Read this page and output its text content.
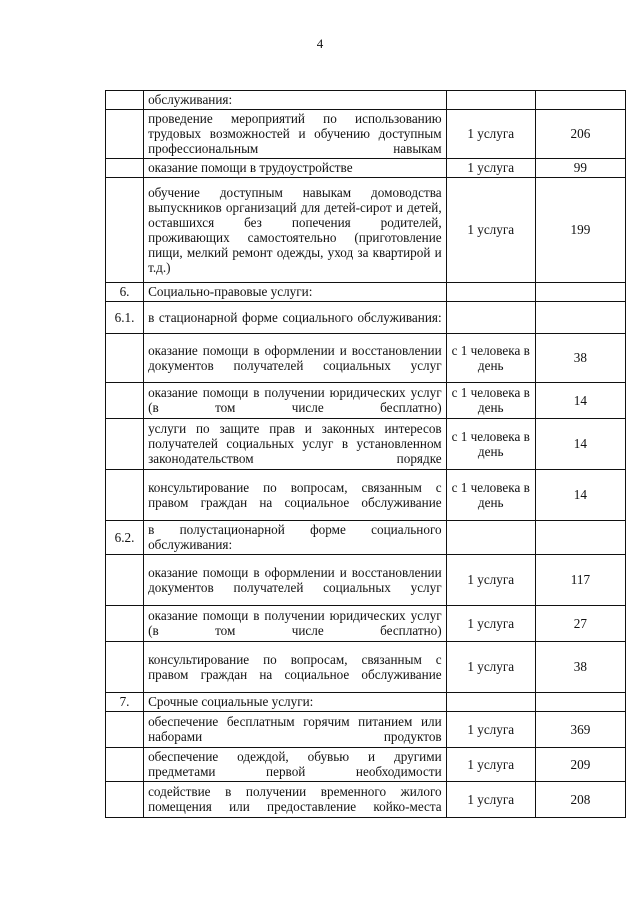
4
	обслуживания:		
	проведение мероприятий по использованию трудовых возможностей и обучению доступным профессиональным навыкам	1 услуга	206
	оказание помощи в трудоустройстве	1 услуга	99
	обучение доступным навыкам домоводства выпускников организаций для детей-сирот и детей, оставшихся без попечения родителей, проживающих самостоятельно (приготовление пищи, мелкий ремонт одежды, уход за квартирой и т.д.)	1 услуга	199
6.	Социально-правовые услуги:		
6.1.	в стационарной форме социального обслуживания:		
	оказание помощи в оформлении и восстановлении документов получателей социальных услуг	с 1 человека в день	38
	оказание помощи в получении юридических услуг (в том числе бесплатно)	с 1 человека в день	14
	услуги по защите прав и законных интересов получателей социальных услуг в установленном законодательством порядке	с 1 человека в день	14
	консультирование по вопросам, связанным с правом граждан на социальное обслуживание	с 1 человека в день	14
6.2.	в полустационарной форме социального обслуживания:		
	оказание помощи в оформлении и восстановлении документов получателей социальных услуг	1 услуга	117
	оказание помощи в получении юридических услуг (в том числе бесплатно)	1 услуга	27
	консультирование по вопросам, связанным с правом граждан на социальное обслуживание	1 услуга	38
7.	Срочные социальные услуги:		
	обеспечение бесплатным горячим питанием или наборами продуктов	1 услуга	369
	обеспечение одеждой, обувью и другими предметами первой необходимости	1 услуга	209
	содействие в получении временного жилого помещения или предоставление койко-места	1 услуга	208
